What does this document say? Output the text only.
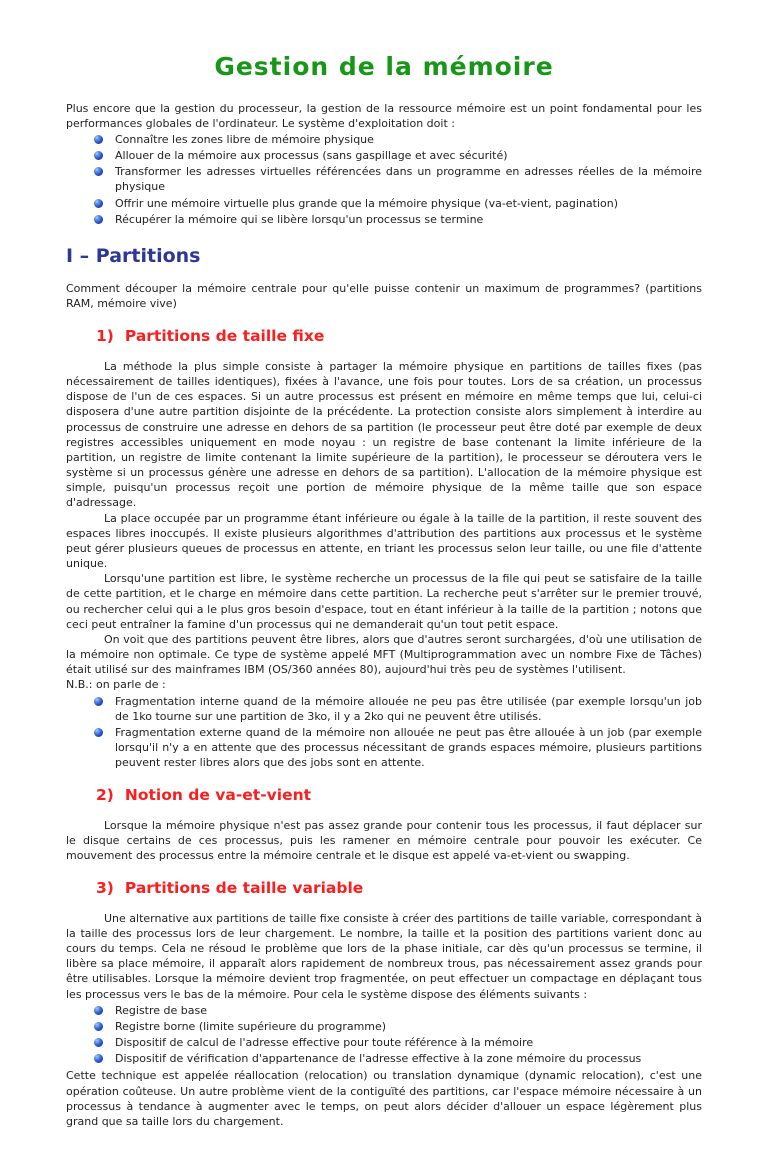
Gestion de la mémoire

Plus encore que la gestion du processeur, la gestion de la ressource mémoire est un point fondamental pour les performances globales de l'ordinateur. Le système d'exploitation doit :

Connaître les zones libre de mémoire physique
Allouer de la mémoire aux processus (sans gaspillage et avec sécurité)
Transformer les adresses virtuelles référencées dans un programme en adresses réelles de la mémoire physique
Offrir une mémoire virtuelle plus grande que la mémoire physique (va-et-vient, pagination)
Récupérer la mémoire qui se libère lorsqu'un processus se termine
I – Partitions

Comment découper la mémoire centrale pour qu'elle puisse contenir un maximum de programmes? (partitions RAM, mémoire vive)

1) Partitions de taille fixe

La méthode la plus simple consiste à partager la mémoire physique en partitions de tailles fixes (pas nécessairement de tailles identiques), fixées à l'avance, une fois pour toutes. Lors de sa création, un processus dispose de l'un de ces espaces. Si un autre processus est présent en mémoire en même temps que lui, celui-ci disposera d'une autre partition disjointe de la précédente. La protection consiste alors simplement à interdire au processus de construire une adresse en dehors de sa partition (le processeur peut être doté par exemple de deux registres accessibles uniquement en mode noyau : un registre de base contenant la limite inférieure de la partition, un registre de limite contenant la limite supérieure de la partition), le processeur se déroutera vers le système si un processus génère une adresse en dehors de sa partition). L'allocation de la mémoire physique est simple, puisqu'un processus reçoit une portion de mémoire physique de la même taille que son espace d'adressage.

La place occupée par un programme étant inférieure ou égale à la taille de la partition, il reste souvent des espaces libres inoccupés. Il existe plusieurs algorithmes d'attribution des partitions aux processus et le système peut gérer plusieurs queues de processus en attente, en triant les processus selon leur taille, ou une file d'attente unique.

Lorsqu'une partition est libre, le système recherche un processus de la file qui peut se satisfaire de la taille de cette partition, et le charge en mémoire dans cette partition. La recherche peut s'arrêter sur le premier trouvé, ou rechercher celui qui a le plus gros besoin d'espace, tout en étant inférieur à la taille de la partition ; notons que ceci peut entraîner la famine d'un processus qui ne demanderait qu'un tout petit espace.

On voit que des partitions peuvent être libres, alors que d'autres seront surchargées, d'où une utilisation de la mémoire non optimale. Ce type de système appelé MFT (Multiprogrammation avec un nombre Fixe de Tâches) était utilisé sur des mainframes IBM (OS/360 années 80), aujourd'hui très peu de systèmes l'utilisent.

N.B.: on parle de :

Fragmentation interne quand de la mémoire allouée ne peu pas être utilisée (par exemple lorsqu'un job de 1ko tourne sur une partition de 3ko, il y a 2ko qui ne peuvent être utilisés.
Fragmentation externe quand de la mémoire non allouée ne peut pas être allouée à un job (par exemple lorsqu'il n'y a en attente que des processus nécessitant de grands espaces mémoire, plusieurs partitions peuvent rester libres alors que des jobs sont en attente.
2) Notion de va-et-vient

Lorsque la mémoire physique n'est pas assez grande pour contenir tous les processus, il faut déplacer sur le disque certains de ces processus, puis les ramener en mémoire centrale pour pouvoir les exécuter. Ce mouvement des processus entre la mémoire centrale et le disque est appelé va-et-vient ou swapping.

3) Partitions de taille variable

Une alternative aux partitions de taille fixe consiste à créer des partitions de taille variable, correspondant à la taille des processus lors de leur chargement. Le nombre, la taille et la position des partitions varient donc au cours du temps. Cela ne résoud le problème que lors de la phase initiale, car dès qu'un processus se termine, il libère sa place mémoire, il apparaît alors rapidement de nombreux trous, pas nécessairement assez grands pour être utilisables. Lorsque la mémoire devient trop fragmentée, on peut effectuer un compactage en déplaçant tous les processus vers le bas de la mémoire. Pour cela le système dispose des éléments suivants :

Registre de base
Registre borne (limite supérieure du programme)
Dispositif de calcul de l'adresse effective pour toute référence à la mémoire
Dispositif de vérification d'appartenance de l'adresse effective à la zone mémoire du processus

Cette technique est appelée réallocation (relocation) ou translation dynamique (dynamic relocation), c'est une opération coûteuse. Un autre problème vient de la contiguïté des partitions, car l'espace mémoire nécessaire à un processus à tendance à augmenter avec le temps, on peut alors décider d'allouer un espace légèrement plus grand que sa taille lors du chargement.
